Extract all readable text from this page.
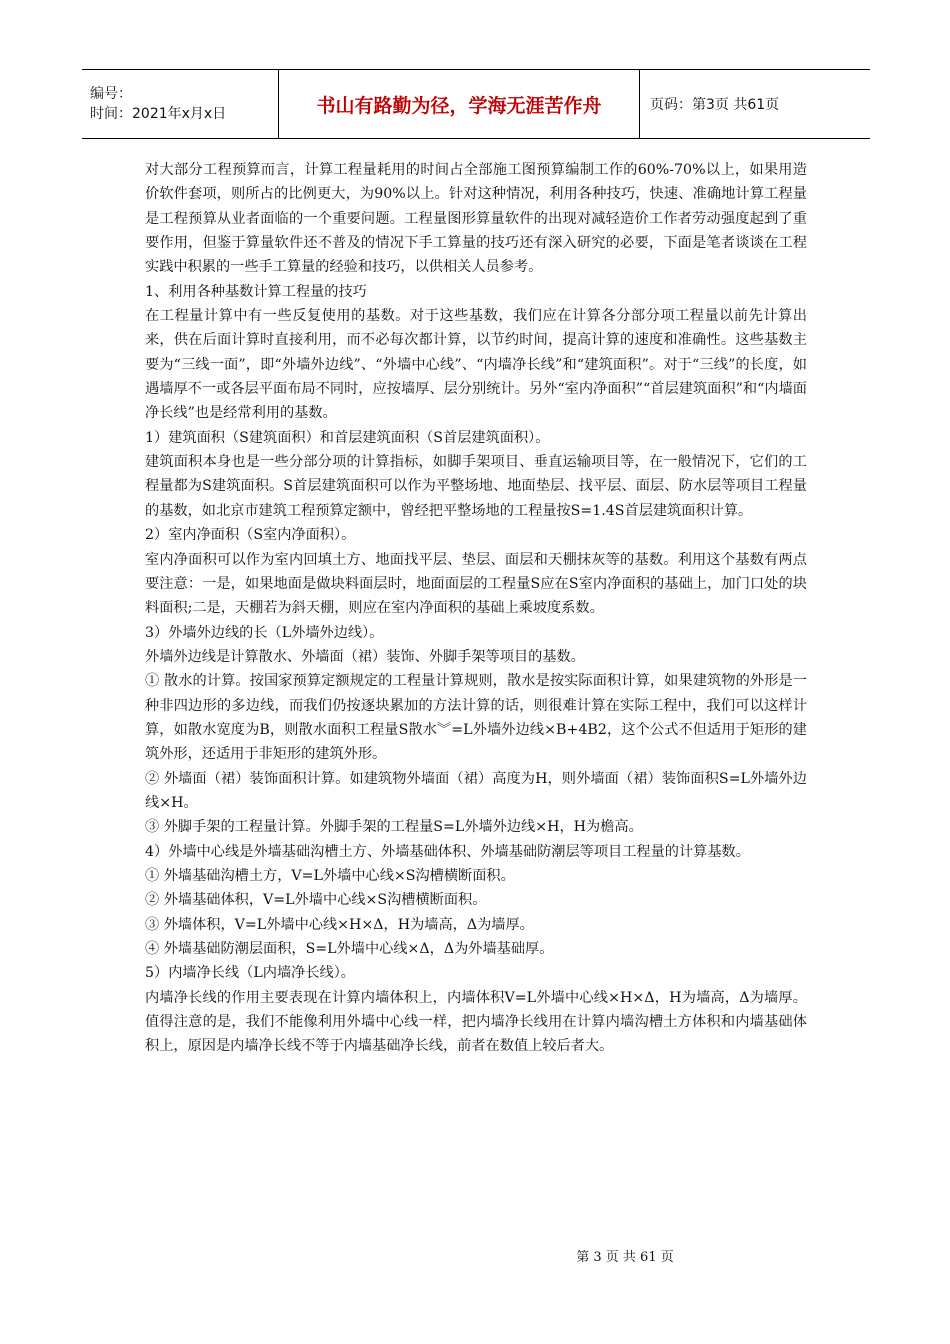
编号：
时间：2021年x月x日	书山有路勤为径，学海无涯苦作舟	页码：第3页 共61页

对大部分工程预算而言，计算工程量耗用的时间占全部施工图预算编制工作的60%-70%以上，如果用造价软件套项，则所占的比例更大，为90%以上。针对这种情况，利用各种技巧，快速、准确地计算工程量是工程预算从业者面临的一个重要问题。工程量图形算量软件的出现对减轻造价工作者劳动强度起到了重要作用，但鉴于算量软件还不普及的情况下手工算量的技巧还有深入研究的必要，下面是笔者谈谈在工程实践中积累的一些手工算量的经验和技巧，以供相关人员参考。

1、利用各种基数计算工程量的技巧

在工程量计算中有一些反复使用的基数。对于这些基数，我们应在计算各分部分项工程量以前先计算出来，供在后面计算时直接利用，而不必每次都计算，以节约时间，提高计算的速度和准确性。这些基数主要为“三线一面”，即“外墙外边线”、“外墙中心线”、“内墙净长线”和“建筑面积”。对于“三线”的长度，如遇墙厚不一或各层平面布局不同时，应按墙厚、层分别统计。另外“室内净面积”“首层建筑面积”和“内墙面净长线”也是经常利用的基数。

1）建筑面积（S建筑面积）和首层建筑面积（S首层建筑面积）。

建筑面积本身也是一些分部分项的计算指标，如脚手架项目、垂直运输项目等，在一般情况下，它们的工程量都为S建筑面积。S首层建筑面积可以作为平整场地、地面垫层、找平层、面层、防水层等项目工程量的基数，如北京市建筑工程预算定额中，曾经把平整场地的工程量按S=1.4S首层建筑面积计算。

2）室内净面积（S室内净面积）。

室内净面积可以作为室内回填土方、地面找平层、垫层、面层和天棚抹灰等的基数。利用这个基数有两点要注意：一是，如果地面是做块料面层时，地面面层的工程量S应在S室内净面积的基础上，加门口处的块料面积;二是，天棚若为斜天棚，则应在室内净面积的基础上乘坡度系数。

3）外墙外边线的长（L外墙外边线）。

外墙外边线是计算散水、外墙面（裙）装饰、外脚手架等项目的基数。

① 散水的计算。按国家预算定额规定的工程量计算规则，散水是按实际面积计算，如果建筑物的外形是一种非四边形的多边线，而我们仍按逐块累加的方法计算的话，则很难计算在实际工程中，我们可以这样计算，如散水宽度为B，则散水面积工程量S散水︾=L外墙外边线×B+4B2，这个公式不但适用于矩形的建筑外形，还适用于非矩形的建筑外形。

② 外墙面（裙）装饰面积计算。如建筑物外墙面（裙）高度为H，则外墙面（裙）装饰面积S=L外墙外边线×H。

③ 外脚手架的工程量计算。外脚手架的工程量S=L外墙外边线×H，H为檐高。

4）外墙中心线是外墙基础沟槽土方、外墙基础体积、外墙基础防潮层等项目工程量的计算基数。

① 外墙基础沟槽土方，V=L外墙中心线×S沟槽横断面积。

② 外墙基础体积，V=L外墙中心线×S沟槽横断面积。

③ 外墙体积，V=L外墙中心线×H×Δ，H为墙高，Δ为墙厚。

④ 外墙基础防潮层面积，S=L外墙中心线×Δ，Δ为外墙基础厚。

5）内墙净长线（L内墙净长线）。

内墙净长线的作用主要表现在计算内墙体积上，内墙体积V=L外墙中心线×H×Δ，H为墙高，Δ为墙厚。值得注意的是，我们不能像利用外墙中心线一样，把内墙净长线用在计算内墙沟槽土方体积和内墙基础体积上，原因是内墙净长线不等于内墙基础净长线，前者在数值上较后者大。

第 3 页 共 61 页
